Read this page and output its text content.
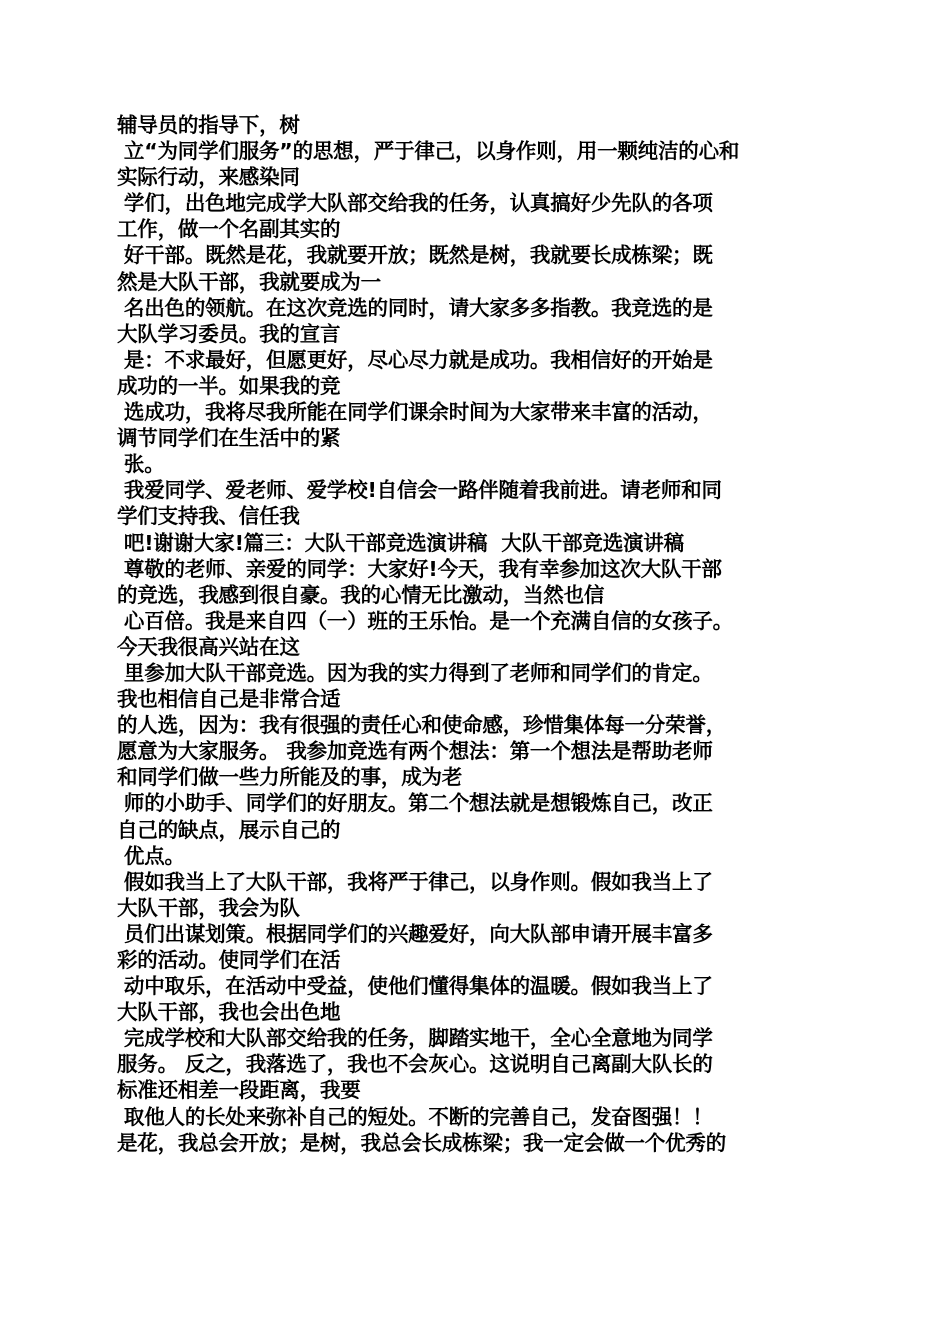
辅导员的指导下，树
立“为同学们服务”的思想，严于律己，以身作则，用一颗纯洁的心和
实际行动，来感染同
学们，出色地完成学大队部交给我的任务，认真搞好少先队的各项
工作，做一个名副其实的
好干部。既然是花，我就要开放；既然是树，我就要长成栋梁；既
然是大队干部，我就要成为一
名出色的领航。在这次竞选的同时，请大家多多指教。我竞选的是
大队学习委员。我的宣言
是：不求最好，但愿更好，尽心尽力就是成功。我相信好的开始是
成功的一半。如果我的竞
选成功，我将尽我所能在同学们课余时间为大家带来丰富的活动，
调节同学们在生活中的紧
张。
我爱同学、爱老师、爱学校!自信会一路伴随着我前进。请老师和同
学们支持我、信任我
吧!谢谢大家!篇三：大队干部竞选演讲稿  大队干部竞选演讲稿
尊敬的老师、亲爱的同学：大家好!今天，我有幸参加这次大队干部
的竞选，我感到很自豪。我的心情无比激动，当然也信
心百倍。我是来自四（一）班的王乐怡。是一个充满自信的女孩子。
今天我很高兴站在这
里参加大队干部竞选。因为我的实力得到了老师和同学们的肯定。
我也相信自己是非常合适
的人选，因为：我有很强的责任心和使命感，珍惜集体每一分荣誉，
愿意为大家服务。 我参加竞选有两个想法：第一个想法是帮助老师
和同学们做一些力所能及的事，成为老
师的小助手、同学们的好朋友。第二个想法就是想锻炼自己，改正
自己的缺点，展示自己的
优点。
假如我当上了大队干部，我将严于律己，以身作则。假如我当上了
大队干部，我会为队
员们出谋划策。根据同学们的兴趣爱好，向大队部申请开展丰富多
彩的活动。使同学们在活
动中取乐，在活动中受益，使他们懂得集体的温暖。假如我当上了
大队干部，我也会出色地
完成学校和大队部交给我的任务，脚踏实地干，全心全意地为同学
服务。 反之，我落选了，我也不会灰心。这说明自己离副大队长的
标准还相差一段距离，我要
取他人的长处来弥补自己的短处。不断的完善自己，发奋图强！！
是花，我总会开放；是树，我总会长成栋梁；我一定会做一个优秀的
